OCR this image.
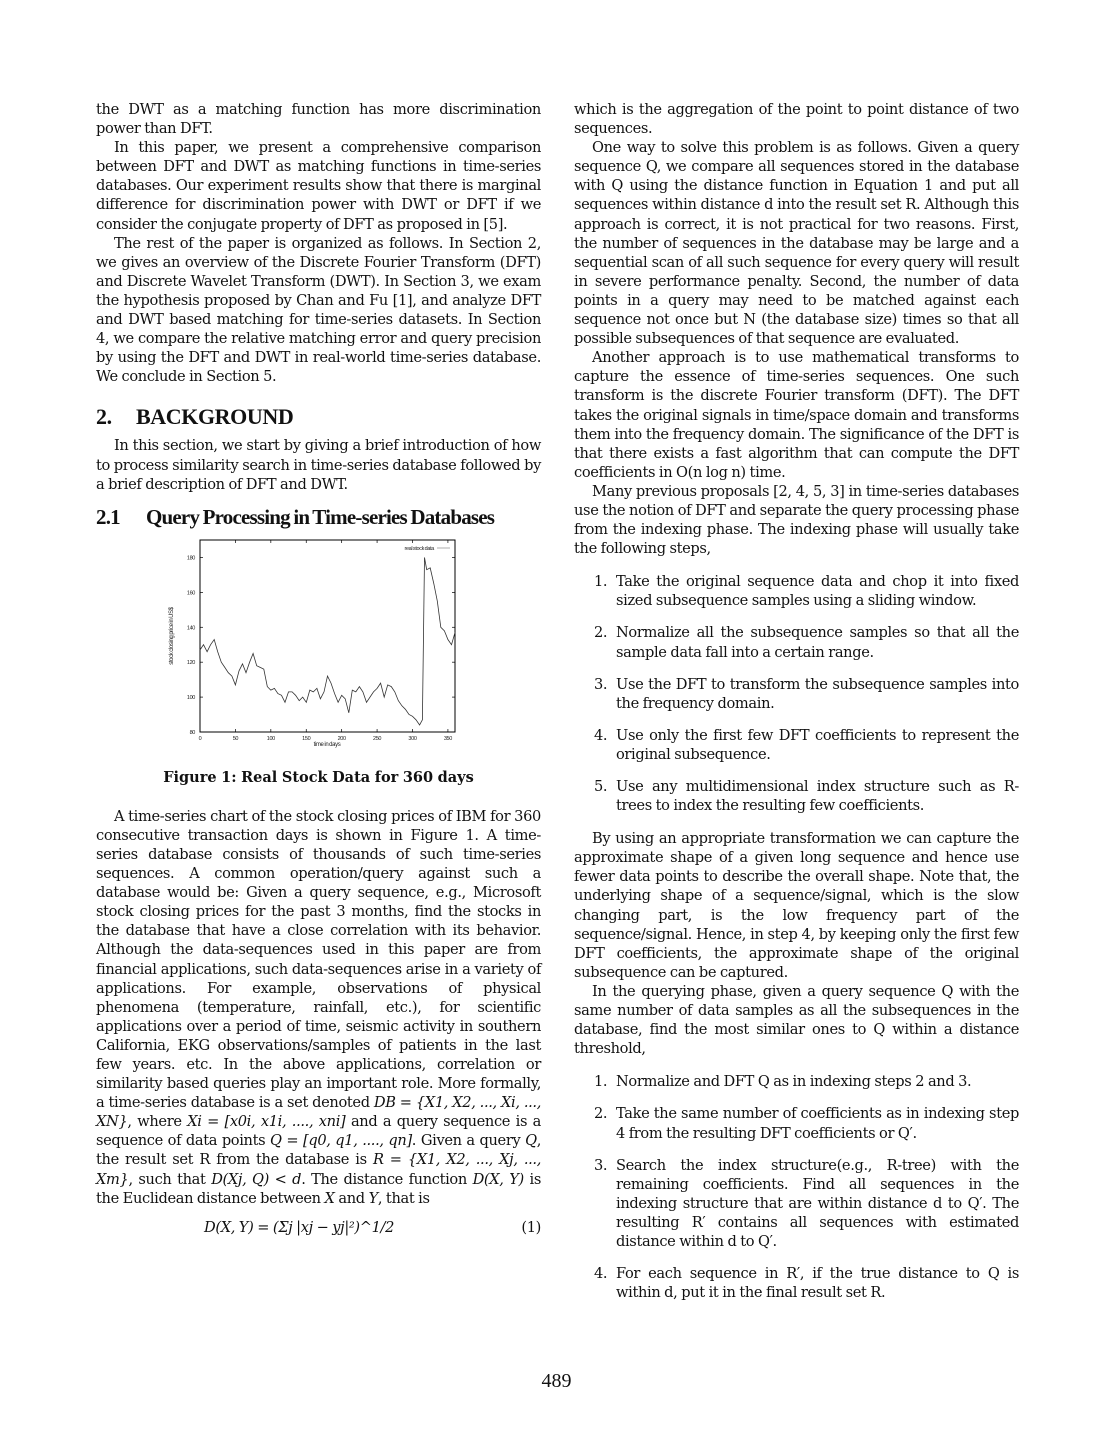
the DWT as a matching function has more discrimination power than DFT.

In this paper, we present a comprehensive comparison between DFT and DWT as matching functions in time-series databases. Our experiment results show that there is marginal difference for discrimination power with DWT or DFT if we consider the conjugate property of DFT as proposed in [5].

The rest of the paper is organized as follows. In Section 2, we gives an overview of the Discrete Fourier Transform (DFT) and Discrete Wavelet Transform (DWT). In Section 3, we exam the hypothesis proposed by Chan and Fu [1], and analyze DFT and DWT based matching for time-series datasets. In Section 4, we compare the relative matching error and query precision by using the DFT and DWT in real-world time-series database. We conclude in Section 5.

2. BACKGROUND

In this section, we start by giving a brief introduction of how to process similarity search in time-series database followed by a brief description of DFT and DWT.

2.1 Query Processing in Time-series Databases
80
100
120
140
160
180
0	50	100	150	200	250	300	350
stock closing price in US$
time in days
real stock data
Figure 1: Real Stock Data for 360 days

A time-series chart of the stock closing prices of IBM for 360 consecutive transaction days is shown in Figure 1. A time-series database consists of thousands of such time-series sequences. A common operation/query against such a database would be: Given a query sequence, e.g., Microsoft stock closing prices for the past 3 months, find the stocks in the database that have a close correlation with its behavior. Although the data-sequences used in this paper are from financial applications, such data-sequences arise in a variety of applications. For example, observations of physical phenomena (temperature, rainfall, etc.), for scientific applications over a period of time, seismic activity in southern California, EKG observations/samples of patients in the last few years. etc. In the above applications, correlation or similarity based queries play an important role. More formally, a time-series database is a set denoted DB = {X1, X2, ..., Xi, ..., XN}, where Xi = [x0i, x1i, ...., xni] and a query sequence is a sequence of data points Q = [q0, q1, ...., qn]. Given a query Q, the result set R from the database is R = {X1, X2, ..., Xj, ..., Xm}, such that D(Xj, Q) < d. The distance function D(X, Y) is the Euclidean distance between X and Y, that is

D(X, Y) = (Σj |xj − yj|²)^1/2	(1)

which is the aggregation of the point to point distance of two sequences.

One way to solve this problem is as follows. Given a query sequence Q, we compare all sequences stored in the database with Q using the distance function in Equation 1 and put all sequences within distance d into the result set R. Although this approach is correct, it is not practical for two reasons. First, the number of sequences in the database may be large and a sequential scan of all such sequence for every query will result in severe performance penalty. Second, the number of data points in a query may need to be matched against each sequence not once but N (the database size) times so that all possible subsequences of that sequence are evaluated.

Another approach is to use mathematical transforms to capture the essence of time-series sequences. One such transform is the discrete Fourier transform (DFT). The DFT takes the original signals in time/space domain and transforms them into the frequency domain. The significance of the DFT is that there exists a fast algorithm that can compute the DFT coefficients in O(n log n) time.

Many previous proposals [2, 4, 5, 3] in time-series databases use the notion of DFT and separate the query processing phase from the indexing phase. The indexing phase will usually take the following steps,

1. Take the original sequence data and chop it into fixed sized subsequence samples using a sliding window.
2. Normalize all the subsequence samples so that all the sample data fall into a certain range.
3. Use the DFT to transform the subsequence samples into the frequency domain.
4. Use only the first few DFT coefficients to represent the original subsequence.
5. Use any multidimensional index structure such as R-trees to index the resulting few coefficients.

By using an appropriate transformation we can capture the approximate shape of a given long sequence and hence use fewer data points to describe the overall shape. Note that, the underlying shape of a sequence/signal, which is the slow changing part, is the low frequency part of the sequence/signal. Hence, in step 4, by keeping only the first few DFT coefficients, the approximate shape of the original subsequence can be captured.

In the querying phase, given a query sequence Q with the same number of data samples as all the subsequences in the database, find the most similar ones to Q within a distance threshold,

1. Normalize and DFT Q as in indexing steps 2 and 3.
2. Take the same number of coefficients as in indexing step 4 from the resulting DFT coefficients or Q′.
3. Search the index structure(e.g., R-tree) with the remaining coefficients. Find all sequences in the indexing structure that are within distance d to Q′. The resulting R′ contains all sequences with estimated distance within d to Q′.
4. For each sequence in R′, if the true distance to Q is within d, put it in the final result set R.
489
